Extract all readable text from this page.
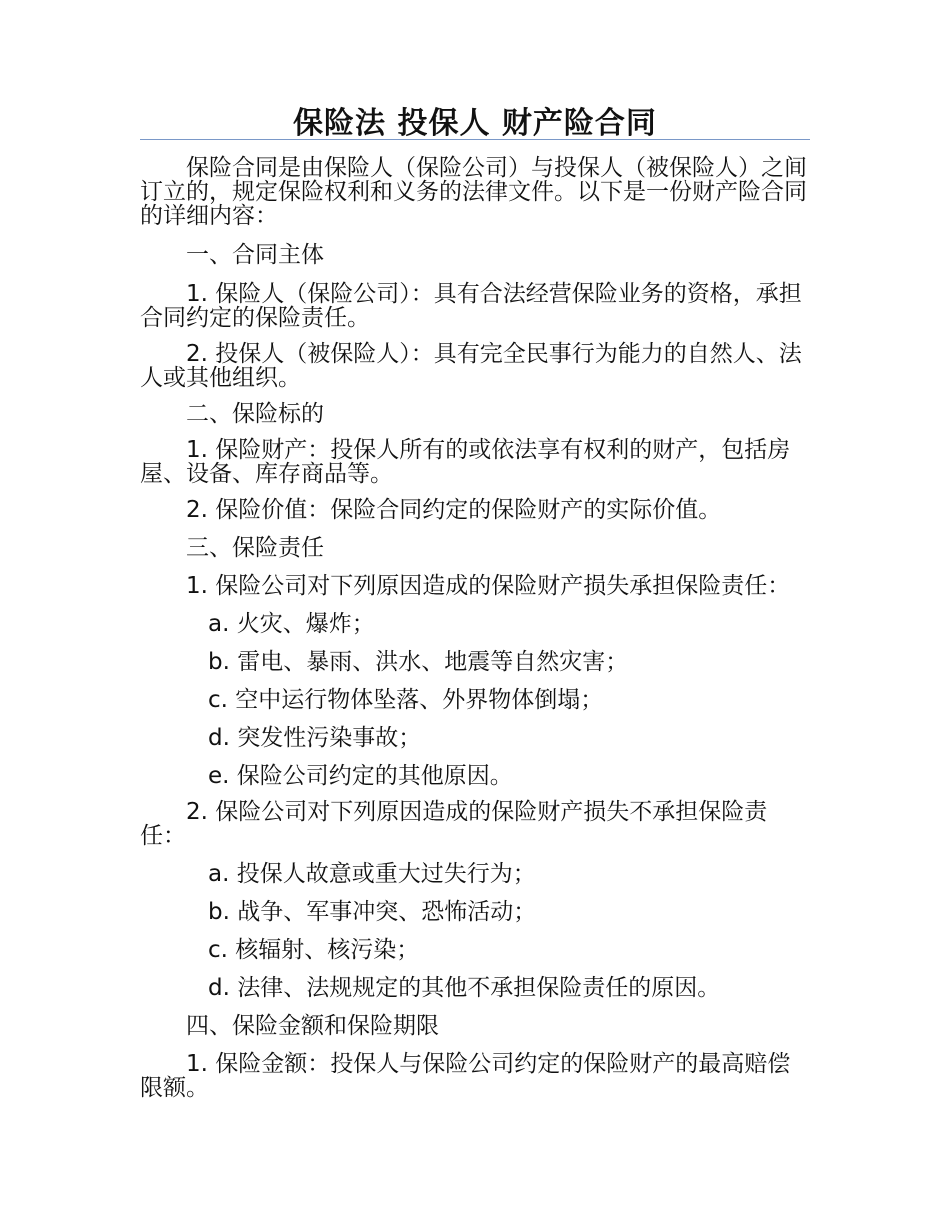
保险法 投保人 财产险合同

保险合同是由保险人（保险公司）与投保人（被保险人）之间订立的，规定保险权利和义务的法律文件。以下是一份财产险合同的详细内容：

一、合同主体

1. 保险人（保险公司）：具有合法经营保险业务的资格，承担合同约定的保险责任。

2. 投保人（被保险人）：具有完全民事行为能力的自然人、法人或其他组织。

二、保险标的

1. 保险财产：投保人所有的或依法享有权利的财产，包括房屋、设备、库存商品等。

2. 保险价值：保险合同约定的保险财产的实际价值。

三、保险责任

1. 保险公司对下列原因造成的保险财产损失承担保险责任：

a. 火灾、爆炸；

b. 雷电、暴雨、洪水、地震等自然灾害；

c. 空中运行物体坠落、外界物体倒塌；

d. 突发性污染事故；

e. 保险公司约定的其他原因。

2. 保险公司对下列原因造成的保险财产损失不承担保险责任：

a. 投保人故意或重大过失行为；

b. 战争、军事冲突、恐怖活动；

c. 核辐射、核污染；

d. 法律、法规规定的其他不承担保险责任的原因。

四、保险金额和保险期限

1. 保险金额：投保人与保险公司约定的保险财产的最高赔偿限额。
